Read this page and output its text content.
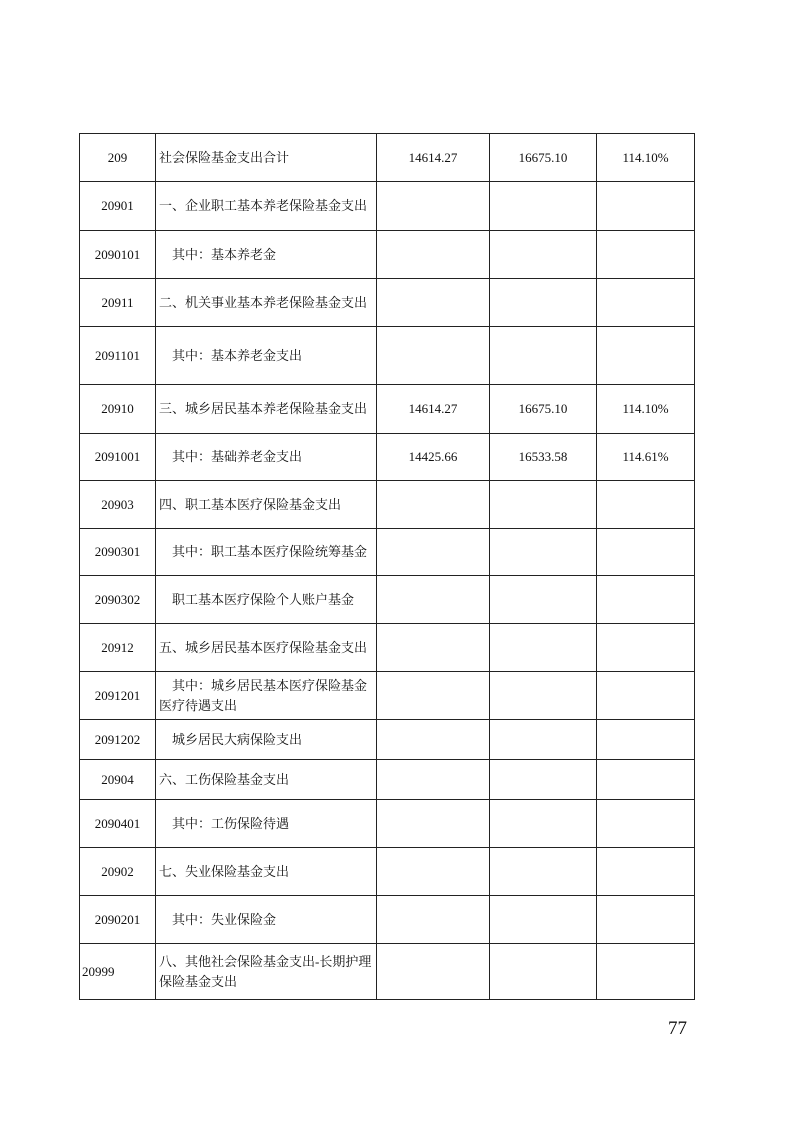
209	社会保险基金支出合计	14614.27	16675.10	114.10%
20901	一、企业职工基本养老保险基金支出			
2090101	　其中：基本养老金			
20911	二、机关事业基本养老保险基金支出			
2091101	　其中：基本养老金支出			
20910	三、城乡居民基本养老保险基金支出	14614.27	16675.10	114.10%
2091001	　其中：基础养老金支出	14425.66	16533.58	114.61%
20903	四、职工基本医疗保险基金支出			
2090301	　其中：职工基本医疗保险统筹基金			
2090302	　职工基本医疗保险个人账户基金			
20912	五、城乡居民基本医疗保险基金支出			
2091201	　其中：城乡居民基本医疗保险基金医疗待遇支出			
2091202	　城乡居民大病保险支出			
20904	六、工伤保险基金支出			
2090401	　其中：工伤保险待遇			
20902	七、失业保险基金支出			
2090201	　其中：失业保险金			
20999	八、其他社会保险基金支出-长期护理保险基金支出			
77
